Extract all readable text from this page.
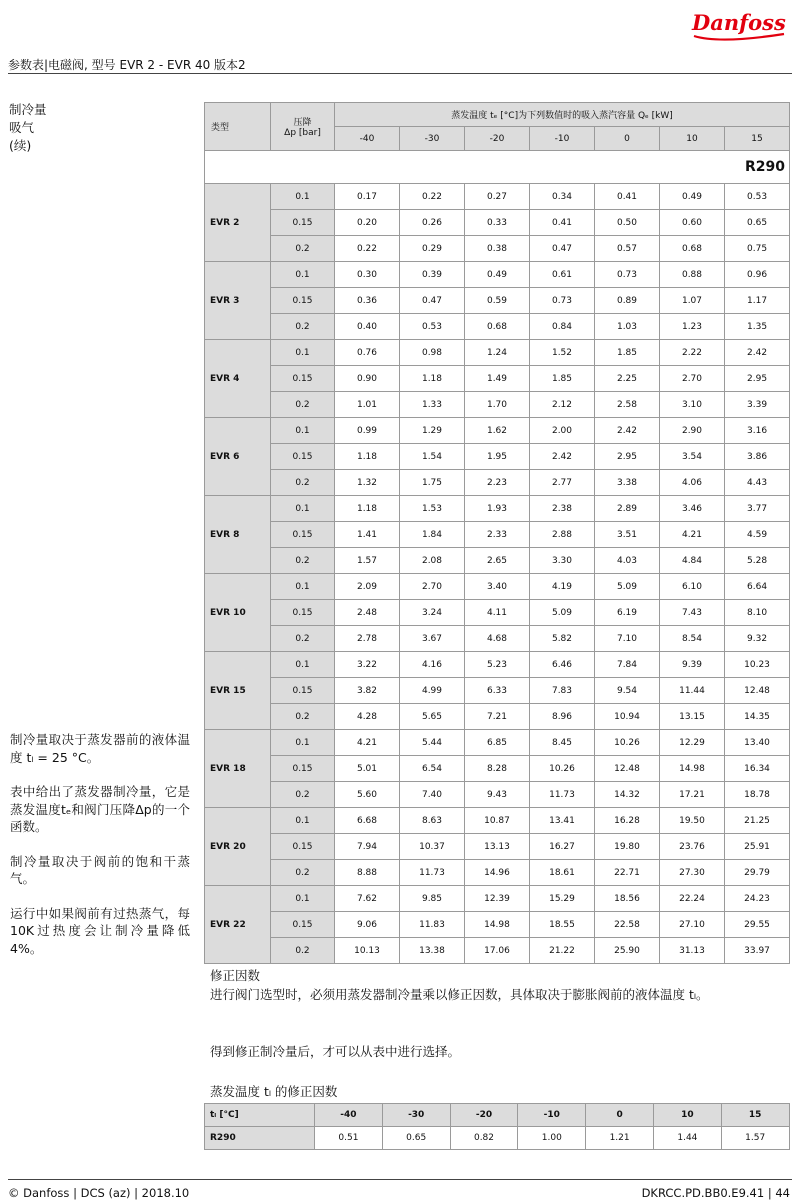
Danfoss
参数表|电磁阀, 型号 EVR 2 - EVR 40 版本2
制冷量
吸气
(续)
类型	压降
Δp [bar]	蒸发温度 tₑ [°C]为下列数值时的吸入蒸汽容量 Qₑ [kW]						
		-40	-30	-20	-10	0	10	15
R290								
EVR 2	0.1	0.17	0.22	0.27	0.34	0.41	0.49	0.53
	0.15	0.20	0.26	0.33	0.41	0.50	0.60	0.65
	0.2	0.22	0.29	0.38	0.47	0.57	0.68	0.75
EVR 3	0.1	0.30	0.39	0.49	0.61	0.73	0.88	0.96
	0.15	0.36	0.47	0.59	0.73	0.89	1.07	1.17
	0.2	0.40	0.53	0.68	0.84	1.03	1.23	1.35
EVR 4	0.1	0.76	0.98	1.24	1.52	1.85	2.22	2.42
	0.15	0.90	1.18	1.49	1.85	2.25	2.70	2.95
	0.2	1.01	1.33	1.70	2.12	2.58	3.10	3.39
EVR 6	0.1	0.99	1.29	1.62	2.00	2.42	2.90	3.16
	0.15	1.18	1.54	1.95	2.42	2.95	3.54	3.86
	0.2	1.32	1.75	2.23	2.77	3.38	4.06	4.43
EVR 8	0.1	1.18	1.53	1.93	2.38	2.89	3.46	3.77
	0.15	1.41	1.84	2.33	2.88	3.51	4.21	4.59
	0.2	1.57	2.08	2.65	3.30	4.03	4.84	5.28
EVR 10	0.1	2.09	2.70	3.40	4.19	5.09	6.10	6.64
	0.15	2.48	3.24	4.11	5.09	6.19	7.43	8.10
	0.2	2.78	3.67	4.68	5.82	7.10	8.54	9.32
EVR 15	0.1	3.22	4.16	5.23	6.46	7.84	9.39	10.23
	0.15	3.82	4.99	6.33	7.83	9.54	11.44	12.48
	0.2	4.28	5.65	7.21	8.96	10.94	13.15	14.35
EVR 18	0.1	4.21	5.44	6.85	8.45	10.26	12.29	13.40
	0.15	5.01	6.54	8.28	10.26	12.48	14.98	16.34
	0.2	5.60	7.40	9.43	11.73	14.32	17.21	18.78
EVR 20	0.1	6.68	8.63	10.87	13.41	16.28	19.50	21.25
	0.15	7.94	10.37	13.13	16.27	19.80	23.76	25.91
	0.2	8.88	11.73	14.96	18.61	22.71	27.30	29.79
EVR 22	0.1	7.62	9.85	12.39	15.29	18.56	22.24	24.23
	0.15	9.06	11.83	14.98	18.55	22.58	27.10	29.55
	0.2	10.13	13.38	17.06	21.22	25.90	31.13	33.97

制冷量取决于蒸发器前的液体温度 tₗ = 25 °C。

表中给出了蒸发器制冷量，它是蒸发温度tₑ和阀门压降Δp的一个函数。

制冷量取决于阀前的饱和干蒸气。

运行中如果阀前有过热蒸气，每10K过热度会让制冷量降低 4%。

修正因数
进行阀门选型时，必须用蒸发器制冷量乘以修正因数，具体取决于膨胀阀前的液体温度 tₗ。
得到修正制冷量后，才可以从表中进行选择。
蒸发温度 tₗ 的修正因数
tₗ [°C]	-40	-30	-20	-10	0	10	15
R290	0.51	0.65	0.82	1.00	1.21	1.44	1.57
© Danfoss | DCS (az) | 2018.10	DKRCC.PD.BB0.E9.41 | 44
